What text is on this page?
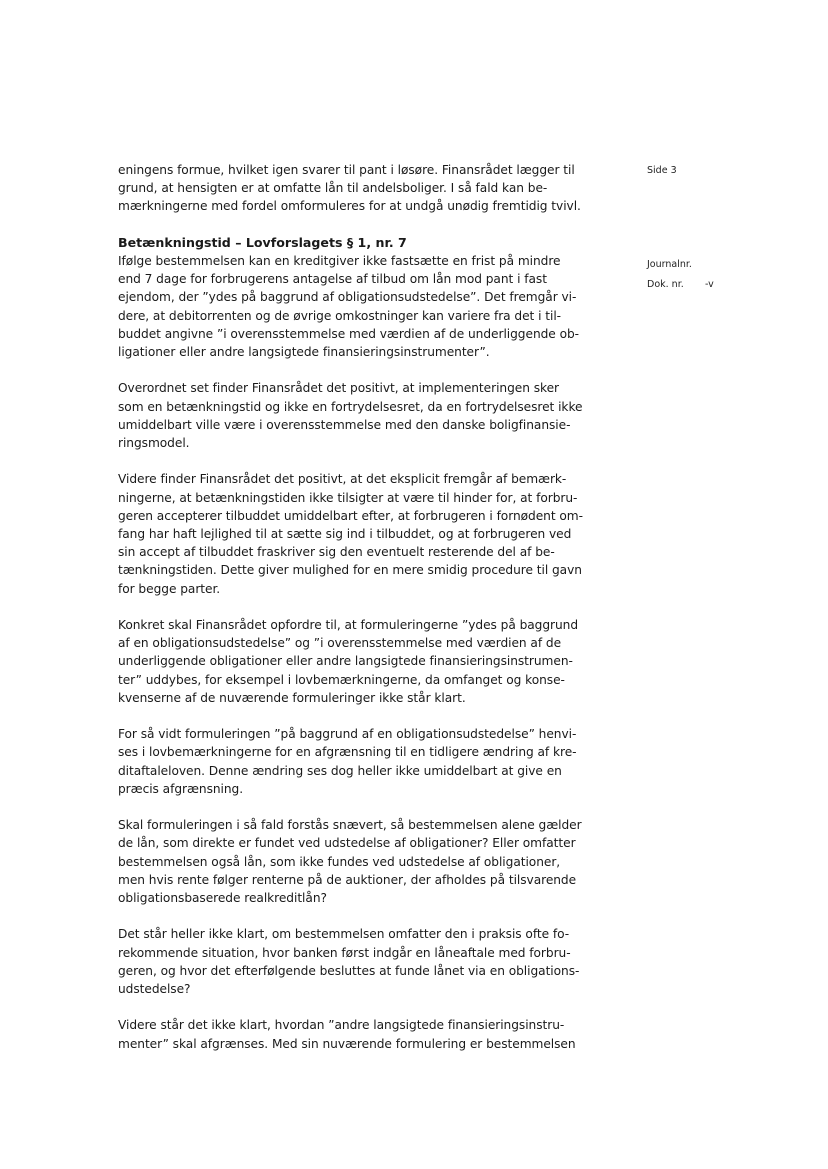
Side 3
Journalnr.
Dok. nr. -v
eningens formue, hvilket igen svarer til pant i løsøre. Finansrådet lægger til
grund, at hensigten er at omfatte lån til andelsboliger. I så fald kan be-
mærkningerne med fordel omformuleres for at undgå unødig fremtidig tvivl.
Betænkningstid – Lovforslagets § 1, nr. 7
Ifølge bestemmelsen kan en kreditgiver ikke fastsætte en frist på mindre
end 7 dage for forbrugerens antagelse af tilbud om lån mod pant i fast
ejendom, der ”ydes på baggrund af obligationsudstedelse”. Det fremgår vi-
dere, at debitorrenten og de øvrige omkostninger kan variere fra det i til-
buddet angivne ”i overensstemmelse med værdien af de underliggende ob-
ligationer eller andre langsigtede finansieringsinstrumenter”.
Overordnet set finder Finansrådet det positivt, at implementeringen sker
som en betænkningstid og ikke en fortrydelsesret, da en fortrydelsesret ikke
umiddelbart ville være i overensstemmelse med den danske boligfinansie-
ringsmodel.
Videre finder Finansrådet det positivt, at det eksplicit fremgår af bemærk-
ningerne, at betænkningstiden ikke tilsigter at være til hinder for, at forbru-
geren accepterer tilbuddet umiddelbart efter, at forbrugeren i fornødent om-
fang har haft lejlighed til at sætte sig ind i tilbuddet, og at forbrugeren ved
sin accept af tilbuddet fraskriver sig den eventuelt resterende del af be-
tænkningstiden. Dette giver mulighed for en mere smidig procedure til gavn
for begge parter.
Konkret skal Finansrådet opfordre til, at formuleringerne ”ydes på baggrund
af en obligationsudstedelse” og ”i overensstemmelse med værdien af de
underliggende obligationer eller andre langsigtede finansieringsinstrumen-
ter” uddybes, for eksempel i lovbemærkningerne, da omfanget og konse-
kvenserne af de nuværende formuleringer ikke står klart.
For så vidt formuleringen ”på baggrund af en obligationsudstedelse” henvi-
ses i lovbemærkningerne for en afgrænsning til en tidligere ændring af kre-
ditaftaleloven. Denne ændring ses dog heller ikke umiddelbart at give en
præcis afgrænsning.
Skal formuleringen i så fald forstås snævert, så bestemmelsen alene gælder
de lån, som direkte er fundet ved udstedelse af obligationer? Eller omfatter
bestemmelsen også lån, som ikke fundes ved udstedelse af obligationer,
men hvis rente følger renterne på de auktioner, der afholdes på tilsvarende
obligationsbaserede realkreditlån?
Det står heller ikke klart, om bestemmelsen omfatter den i praksis ofte fo-
rekommende situation, hvor banken først indgår en låneaftale med forbru-
geren, og hvor det efterfølgende besluttes at funde lånet via en obligations-
udstedelse?
Videre står det ikke klart, hvordan ”andre langsigtede finansieringsinstru-
menter” skal afgrænses. Med sin nuværende formulering er bestemmelsen
